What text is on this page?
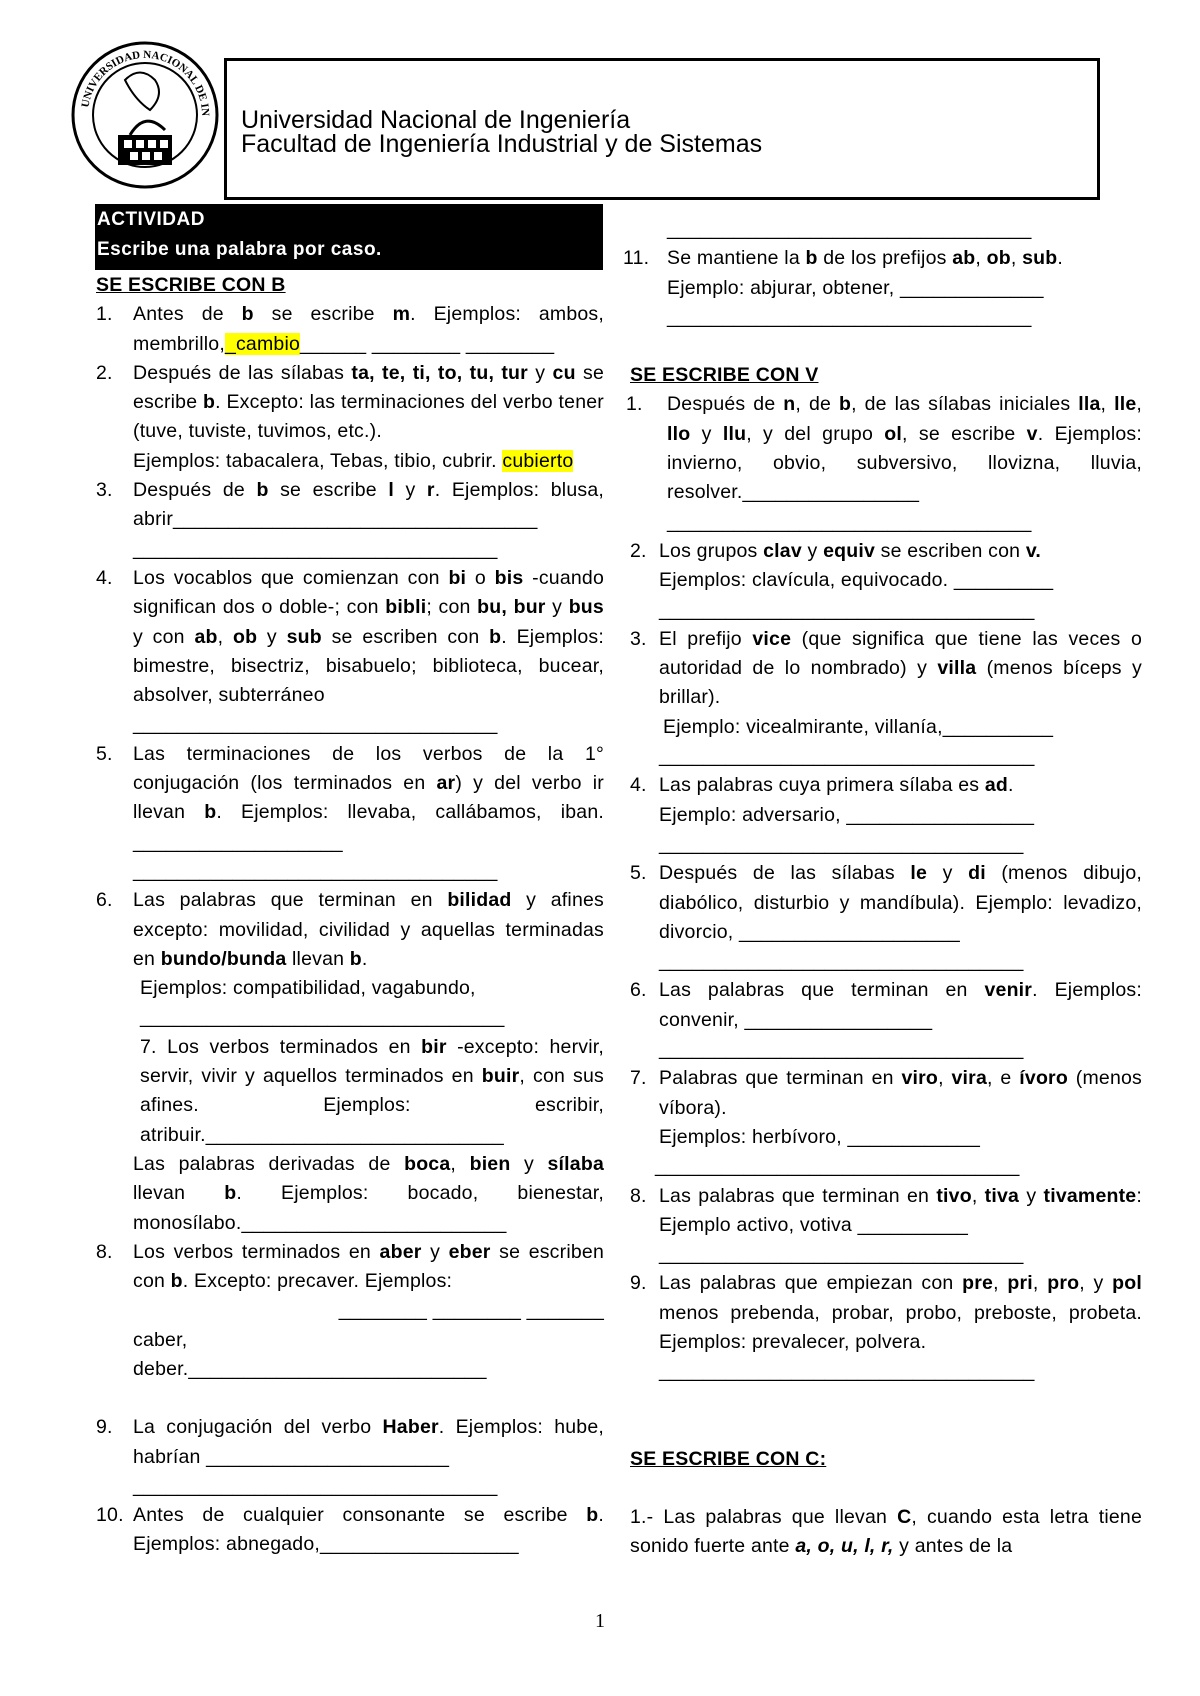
UNIVERSIDAD NACIONAL DE IN Universidad Nacional de Ingeniería
Facultad de Ingeniería Industrial y de Sistemas
ACTIVIDAD
Escribe una palabra por caso.
SE ESCRIBE CON B
1. Antes de b se escribe m. Ejemplos: ambos, membrillo,_cambio______ ________ ________
2. Después de las sílabas ta, te, ti, to, tu, tur y cu se escribe b. Excepto: las terminaciones del verbo tener (tuve, tuviste, tuvimos, etc.).
Ejemplos: tabacalera, Tebas, tibio, cubrir. cubierto
3. Después de b se escribe l y r. Ejemplos: blusa, abrir_________________________________
_________________________________
4. Los vocablos que comienzan con bi o bis -cuando significan dos o doble-; con bibli; con bu, bur y bus y con ab, ob y sub se escriben con b. Ejemplos: bimestre, bisectriz, bisabuelo; biblioteca, bucear, absolver, subterráneo
_________________________________
5. Las terminaciones de los verbos de la 1° conjugación (los terminados en ar) y del verbo ir llevan b. Ejemplos: llevaba, callábamos, iban. ___________________
_________________________________
6. Las palabras que terminan en bilidad y afines excepto: movilidad, civilidad y aquellas terminadas en bundo/bunda llevan b.
Ejemplos: compatibilidad, vagabundo,
_________________________________
7. Los verbos terminados en bir -excepto: hervir, servir, vivir y aquellos terminados en buir, con sus afines. Ejemplos: escribir, atribuir.___________________________
Las palabras derivadas de boca, bien y sílaba llevan b. Ejemplos: bocado, bienestar, monosílabo.________________________
8. Los verbos terminados en aber y eber se escriben con b. Excepto: precaver. Ejemplos:
________ ________ _______
caber,
deber.___________________________
9. La conjugación del verbo Haber. Ejemplos: hube, habrían ______________________
_________________________________
10. Antes de cualquier consonante se escribe b. Ejemplos: abnegado,__________________
_________________________________
11. Se mantiene la b de los prefijos ab, ob, sub.
Ejemplo: abjurar, obtener, _____________
_________________________________
SE ESCRIBE CON V
1. Después de n, de b, de las sílabas iniciales lla, lle, llo y llu, y del grupo ol, se escribe v. Ejemplos: invierno, obvio, subversivo, llovizna, lluvia, resolver.________________
_________________________________
2. Los grupos clav y equiv se escriben con v.
Ejemplos: clavícula, equivocado. _________
__________________________________
3. El prefijo vice (que significa que tiene las veces o autoridad de lo nombrado) y villa (menos bíceps y brillar).
Ejemplo: vicealmirante, villanía,__________
__________________________________
4. Las palabras cuya primera sílaba es ad.
Ejemplo: adversario, _________________
_________________________________
5. Después de las sílabas le y di (menos dibujo, diabólico, disturbio y mandíbula). Ejemplo: levadizo, divorcio, ____________________
_________________________________
6. Las palabras que terminan en venir. Ejemplos: convenir, _________________
_________________________________
7. Palabras que terminan en viro, vira, e ívoro (menos víbora).
Ejemplos: herbívoro, ____________
_________________________________
8. Las palabras que terminan en tivo, tiva y tivamente: Ejemplo activo, votiva __________
_________________________________
9. Las palabras que empiezan con pre, pri, pro, y pol menos prebenda, probar, probo, preboste, probeta. Ejemplos: prevalecer, polvera.
__________________________________
SE ESCRIBE CON C:
1.- Las palabras que llevan C, cuando esta letra tiene sonido fuerte ante a, o, u, l, r, y antes de la
1
